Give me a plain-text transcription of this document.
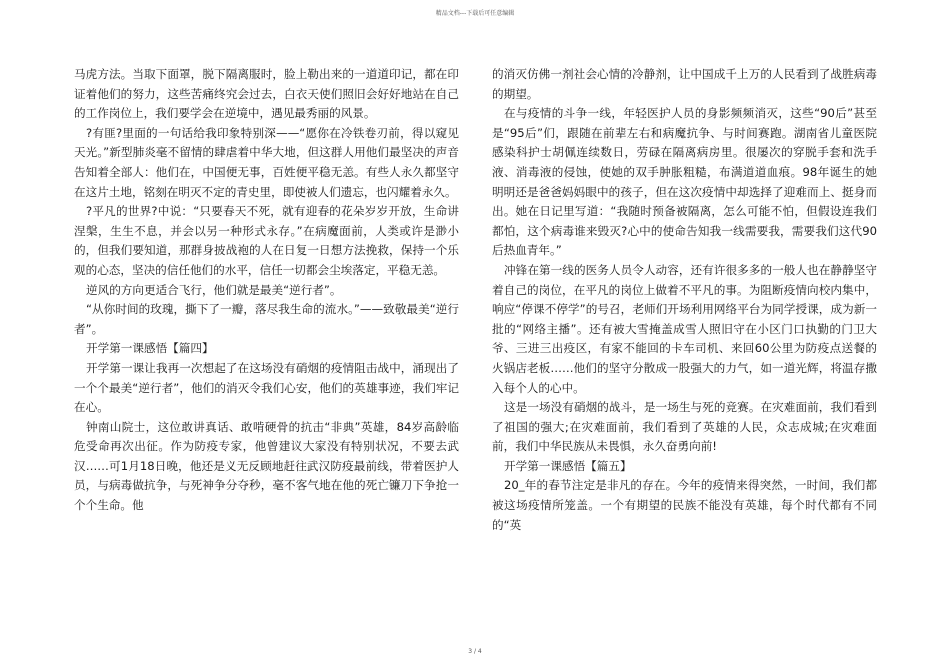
精品文档---下载后可任意编辑

马虎方法。当取下面罩，脱下隔离服时，脸上勒出来的一道道印记，都在印证着他们的努力，这些苦痛终究会过去，白衣天使们照旧会好好地站在自己的工作岗位上，我们要学会在逆境中，遇见最秀丽的风景。

?有匪?里面的一句话给我印象特别深——“愿你在冷铁卷刃前，得以窥见天光。”新型肺炎毫不留情的肆虐着中华大地，但这群人用他们最坚决的声音告知着全部人：他们在，中国便无事，百姓便平稳无恙。有些人永久都坚守在这片土地，铭刻在明灭不定的青史里，即使被人们遗忘，也闪耀着永久。

?平凡的世界?中说：“只要春天不死，就有迎春的花朵岁岁开放，生命讲涅槃，生生不息，并会以另一种形式永存。”在病魔面前，人类或许是渺小的，但我们要知道，那群身披战袍的人在日复一日想方法挽救，保持一个乐观的心态，坚决的信任他们的水平，信任一切都会尘埃落定，平稳无恙。

逆风的方向更适合飞行，他们就是最美“逆行者”。

“从你时间的玫瑰，撕下了一瓣，落尽我生命的流水。”——致敬最美“逆行者”。

开学第一课感悟【篇四】

开学第一课让我再一次想起了在这场没有硝烟的疫情阻击战中，涌现出了一个个最美“逆行者”，他们的消灭令我们心安，他们的英雄事迹，我们牢记在心。

钟南山院士，这位敢讲真话、敢啃硬骨的抗击“非典”英雄，84岁高龄临危受命再次出征。作为防疫专家，他曾建议大家没有特别状况，不要去武汉……可1月18日晚，他还是义无反顾地赶往武汉防疫最前线，带着医护人员，与病毒做抗争，与死神争分夺秒，毫不客气地在他的死亡镰刀下争抢一个个生命。他

的消灭仿佛一剂社会心情的冷静剂，让中国成千上万的人民看到了战胜病毒的期望。

在与疫情的斗争一线，年轻医护人员的身影频频消灭，这些“90后”甚至是“95后”们，跟随在前辈左右和病魔抗争、与时间赛跑。湖南省儿童医院感染科护士胡佩连续数日，劳碌在隔离病房里。很屡次的穿脱手套和洗手液、消毒液的侵蚀，使她的双手肿胀粗糙，布满道道血痕。98年诞生的她明明还是爸爸妈妈眼中的孩子，但在这次疫情中却选择了迎难而上、挺身而出。她在日记里写道：“我随时预备被隔离，怎么可能不怕，但假设连我们都怕，这个病毒谁来毁灭?心中的使命告知我一线需要我，需要我们这代90后热血青年。”

冲锋在第一线的医务人员令人动容，还有许很多多的一般人也在静静坚守着自己的岗位，在平凡的岗位上做着不平凡的事。为阻断疫情向校内集中，响应“停课不停学”的号召，老师们开场利用网络平台为同学授课，成为新一批的“网络主播”。还有被大雪掩盖成雪人照旧守在小区门口执勤的门卫大爷、三进三出疫区，有家不能回的卡车司机、来回60公里为防疫点送餐的火锅店老板……他们的坚守分散成一股强大的力气，如一道光辉，将温存撒入每个人的心中。

这是一场没有硝烟的战斗，是一场生与死的竞赛。在灾难面前，我们看到了祖国的强大;在灾难面前，我们看到了英雄的人民，众志成城;在灾难面前，我们中华民族从未畏惧，永久奋勇向前!

开学第一课感悟【篇五】

20_年的春节注定是非凡的存在。今年的疫情来得突然，一时间，我们都被这场疫情所笼盖。一个有期望的民族不能没有英雄，每个时代都有不同的“英

3 / 4
